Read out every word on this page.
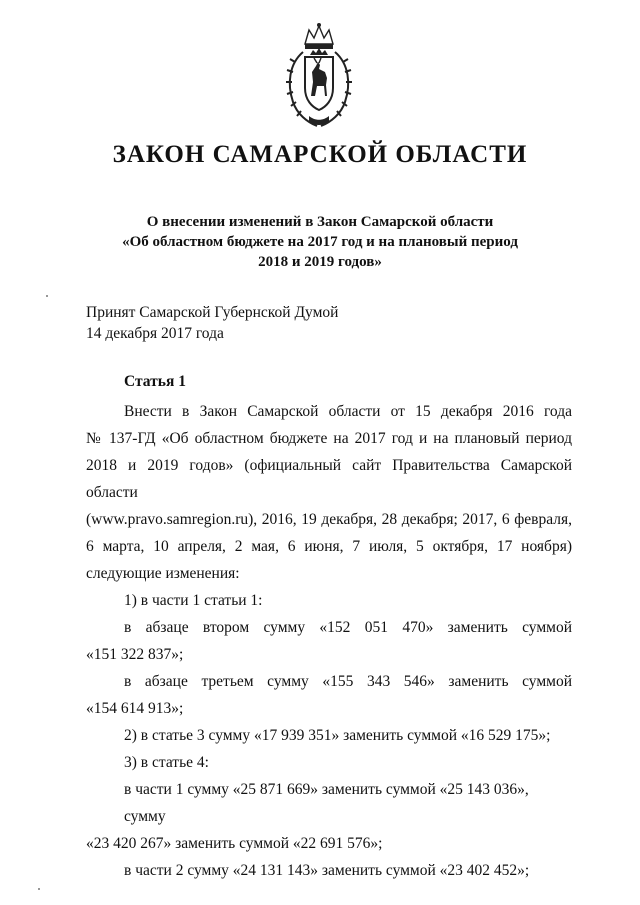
ЗАКОН САМАРСКОЙ ОБЛАСТИ
О внесении изменений в Закон Самарской области
«Об областном бюджете на 2017 год и на плановый период
2018 и 2019 годов»
Принят Самарской Губернской Думой
14 декабря 2017 года
Статья 1

Внести в Закон Самарской области от 15 декабря 2016 года

№ 137-ГД «Об областном бюджете на 2017 год и на плановый период

2018 и 2019 годов» (официальный сайт Правительства Самарской области

(www.pravo.samregion.ru), 2016, 19 декабря, 28 декабря; 2017, 6 февраля,

6 марта, 10 апреля, 2 мая, 6 июня, 7 июля, 5 октября, 17 ноября)

следующие изменения:

1) в части 1 статьи 1:

в абзаце втором сумму «152 051 470» заменить суммой

«151 322 837»;

в абзаце третьем сумму «155 343 546» заменить суммой

«154 614 913»;

2) в статье 3 сумму «17 939 351» заменить суммой «16 529 175»;

3) в статье 4:

в части 1 сумму «25 871 669» заменить суммой «25 143 036», сумму

«23 420 267» заменить суммой «22 691 576»;

в части 2 сумму «24 131 143» заменить суммой «23 402 452»;
